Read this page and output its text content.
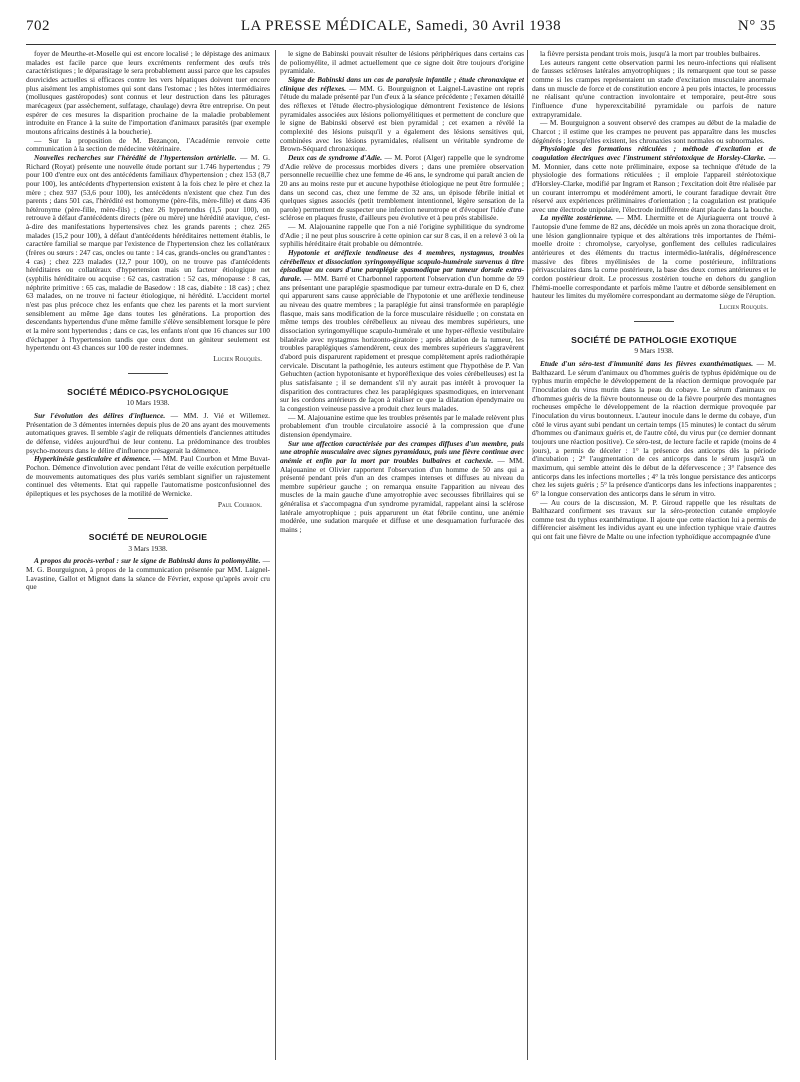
702	LA PRESSE MÉDICALE, Samedi, 30 Avril 1938	N° 35

foyer de Meurthe-et-Moselle qui est encore localisé ; le dépistage des animaux malades est facile parce que leurs excréments renferment des œufs très caractéristiques ; le déparasitage le sera probablement aussi parce que les capsules douvicides actuelles si efficaces contre les vers hépatiques doivent tuer encore plus aisément les amphistomes qui sont dans l'estomac ; les hôtes intermédiaires (mollusques gastéropodes) sont connus et leur destruction dans les pâturages marécageux (par assèchement, sulfatage, chaulage) devra être entreprise. On peut espérer de ces mesures la disparition prochaine de la maladie probablement introduite en France à la suite de l'importation d'animaux parasités (par exemple moutons africains destinés à la boucherie).

— Sur la proposition de M. Bezançon, l'Académie renvoie cette communication à la section de médecine vétérinaire.

Nouvelles recherches sur l'hérédité de l'hypertension artérielle. — M. G. Richard (Royat) présente une nouvelle étude portant sur 1.746 hypertendus ; 79 pour 100 d'entre eux ont des antécédents familiaux d'hypertension ; chez 153 (8,7 pour 100), les antécédents d'hypertension existent à la fois chez le père et chez la mère ; chez 937 (53,6 pour 100), les antécédents n'existent que chez l'un des parents ; dans 501 cas, l'hérédité est homonyme (père-fils, mère-fille) et dans 436 hétéronyme (père-fille, mère-fils) ; chez 26 hypertendus (1,5 pour 100), on retrouve à défaut d'antécédents directs (père ou mère) une hérédité atavique, c'est-à-dire des manifestations hypertensives chez les grands parents ; chez 265 malades (15,2 pour 100), à défaut d'antécédents héréditaires nettement établis, le caractère familial se marque par l'existence de l'hypertension chez les collatéraux (frères ou sœurs : 247 cas, oncles ou tante : 14 cas, grands-oncles ou grand'tantes : 4 cas) ; chez 223 malades (12,7 pour 100), on ne trouve pas d'antécédents héréditaires ou collatéraux d'hypertension mais un facteur étiologique net (syphilis héréditaire ou acquise : 62 cas, castration : 52 cas, ménopause : 8 cas, néphrite primitive : 65 cas, maladie de Basedow : 18 cas, diabète : 18 cas) ; chez 63 malades, on ne trouve ni facteur étiologique, ni hérédité. L'accident mortel n'est pas plus précoce chez les enfants que chez les parents et la mort survient sensiblement au même âge dans toutes les générations. La proportion des descendants hypertendus d'une même famille s'élève sensiblement lorsque le père et la mère sont hypertendus ; dans ce cas, les enfants n'ont que 16 chances sur 100 d'échapper à l'hypertension tandis que ceux dont un géniteur seulement est hypertendu ont 43 chances sur 100 de rester indemnes.

Lucien Rouquès.

SOCIÉTÉ MÉDICO-PSYCHOLOGIQUE

10 Mars 1938.

Sur l'évolution des délires d'influence. — MM. J. Vié et Willemez. Présentation de 3 démentes internées depuis plus de 20 ans ayant des mouvements automatiques graves. Il semble s'agir de reliquats démentiels d'anciennes attitudes de défense, vidées aujourd'hui de leur contenu. La prédominance des troubles psycho-moteurs dans le délire d'influence présagerait la démence.

Hyperkinésie gesticulaire et démence. — MM. Paul Courbon et Mme Buvat-Pochon. Démence d'involution avec pendant l'état de veille exécution perpétuelle de mouvements automatiques des plus variés semblant signifier un rajustement continuel des vêtements. Etat qui rappelle l'automatisme postconfusionnel des épileptiques et les psychoses de la motilité de Wernicke.

Paul Courbon.

SOCIÉTÉ DE NEUROLOGIE

3 Mars 1938.

A propos du procès-verbal : sur le signe de Babinski dans la poliomyélite. — M. G. Bourguignon, à propos de la communication présentée par MM. Laignel-Lavastine, Gallot et Mignot dans la séance de Février, expose qu'après avoir cru que

le signe de Babinski pouvait résulter de lésions périphériques dans certains cas de poliomyélite, il admet actuellement que ce signe doit être toujours d'origine pyramidale.

Signe de Babinski dans un cas de paralysie infantile ; étude chronaxique et clinique des réflexes. — MM. G. Bourguignon et Laignel-Lavastine ont repris l'étude du malade présenté par l'un d'eux à la séance précédente ; l'examen détaillé des réflexes et l'étude électro-physiologique démontrent l'existence de lésions pyramidales associées aux lésions poliomyélitiques et permettent de conclure que le signe de Babinski observé est bien pyramidal ; cet examen a révélé la complexité des lésions puisqu'il y a également des lésions sensitives qui, combinées avec les lésions pyramidales, réalisent un véritable syndrome de Brown-Séquard chronaxique.

Deux cas de syndrome d'Adie. — M. Porot (Alger) rappelle que le syndrome d'Adie relève de processus morbides divers ; dans une première observation personnelle recueillie chez une femme de 46 ans, le syndrome qui paraît ancien de 20 ans au moins reste pur et aucune hypothèse étiologique ne peut être formulée ; dans un second cas, chez une femme de 32 ans, un épisode fébrile initial et quelques signes associés (petit tremblement intentionnel, légère sensation de la parole) permettent de suspecter une infection neurotrope et d'évoquer l'idée d'une sclérose en plaques fruste, d'ailleurs peu évolutive et à peu près stabilisée.

— M. Alajouanine rappelle que l'on a nié l'origine syphilitique du syndrome d'Adie ; il ne peut plus souscrire à cette opinion car sur 8 cas, il en a relevé 3 où la syphilis héréditaire était probable ou démontrée.

Hypotonie et aréflexie tendineuse des 4 membres, nystagmus, troubles cérébelleux et dissociation syringomyélique scapulo-humérale survenus à titre épisodique au cours d'une paraplégie spasmodique par tumeur dorsale extra-durale. — MM. Barré et Charbonnel rapportent l'observation d'un homme de 59 ans présentant une paraplégie spasmodique par tumeur extra-durale en D 6, chez qui apparurent sans cause appréciable de l'hypotonie et une aréflexie tendineuse au niveau des quatre membres ; la paraplégie fut ainsi transformée en paraplégie flasque, mais sans modification de la force musculaire résiduelle ; on constata en même temps des troubles cérébelleux au niveau des membres supérieurs, une dissociation syringomyélique scapulo-humérale et une hyper-réflexie vestibulaire bilatérale avec nystagmus horizonto-giratoire ; après ablation de la tumeur, les troubles paraplégiques s'amendèrent, ceux des membres supérieurs s'aggravèrent d'abord puis disparurent rapidement et presque complètement après radiothérapie cervicale. Discutant la pathogénie, les auteurs estiment que l'hypothèse de P. Van Gehuchten (action hypotonisante et hyporéflexique des voies cérébelleuses) est la plus satisfaisante ; il se demandent s'il n'y aurait pas intérêt à provoquer la disparition des contractures chez les paraplégiques spasmodiques, en intervenant sur les cordons antérieurs de façon à réaliser ce que la dilatation épendymaire ou la congestion veineuse passive a produit chez leurs malades.

— M. Alajouanine estime que les troubles présentés par le malade relèvent plus probablement d'un trouble circulatoire associé à la compression que d'une distension épendymaire.

Sur une affection caractérisée par des crampes diffuses d'un membre, puis une atrophie musculaire avec signes pyramidaux, puis une fièvre continue avec anémie et enfin par la mort par troubles bulbaires et cachexie. — MM. Alajouanine et Olivier rapportent l'observation d'un homme de 50 ans qui a présenté pendant près d'un an des crampes intenses et diffuses au niveau du membre supérieur gauche ; on remarqua ensuite l'apparition au niveau des muscles de la main gauche d'une amyotrophie avec secousses fibrillaires qui se généralisa et s'accompagna d'un syndrome pyramidal, rappelant ainsi la sclérose latérale amyotrophique ; puis apparurent un état fébrile continu, une anémie modérée, une sudation marquée et diffuse et une desquamation furfuracée des mains ;

la fièvre persista pendant trois mois, jusqu'à la mort par troubles bulbaires.

Les auteurs rangent cette observation parmi les neuro-infections qui réalisent de fausses scléroses latérales amyotrophiques ; ils remarquent que tout se passe comme si les crampes représentaient un stade d'excitation musculaire anormale dans un muscle de force et de constitution encore à peu près intactes, le processus ne réalisant qu'une contraction involontaire et temporaire, peut-être sous l'influence d'une hyperexcitabilité pyramidale ou parfois de nature extrapyramidale.

— M. Bourguignon a souvent observé des crampes au début de la maladie de Charcot ; il estime que les crampes ne peuvent pas apparaître dans les muscles dégénérés ; lorsqu'elles existent, les chronaxies sont normales ou subnormales.

Physiologie des formations réticulées ; méthode d'excitation et de coagulation électriques avec l'instrument stéréotoxique de Horsley-Clarke. — M. Monnier, dans cette note préliminaire, expose sa technique d'étude de la physiologie des formations réticulées ; il emploie l'appareil stéréotoxique d'Horsley-Clarke, modifié par Ingram et Ranson ; l'excitation doit être réalisée par un courant interrompu et modérément amorti, le courant faradique devrait être réservé aux expériences préliminaires d'orientation ; la coagulation est pratiquée avec une électrode unipolaire, l'électrode indifférente étant placée dans la bouche.

La myélite zostérienne. — MM. Lhermitte et de Ajuriaguerra ont trouvé à l'autopsie d'une femme de 82 ans, décédée un mois après un zona thoracique droit, une lésion ganglionnaire typique et des altérations très importantes de l'hémi-moelle droite : chromolyse, caryolyse, gonflement des cellules radiculaires antérieures et des éléments du tractus intermédio-latéralis, dégénérescence massive des fibres myélinisées de la corne postérieure, infiltrations périvasculaires dans la corne postérieure, la base des deux cornes antérieures et le cordon postérieur droit. Le processus zostérien touche en dehors du ganglion l'hémi-moelle correspondante et parfois même l'autre et déborde sensiblement en hauteur les limites du myélomère correspondant au dermatome siège de l'éruption.

Lucien Rouquès.

SOCIÉTÉ DE PATHOLOGIE EXOTIQUE

9 Mars 1938.

Etude d'un séro-test d'immunité dans les fièvres exanthématiques. — M. Balthazard. Le sérum d'animaux ou d'hommes guéris de typhus épidémique ou de typhus murin empêche le développement de la réaction dermique provoquée par l'inoculation du virus murin dans la peau du cobaye. Le sérum d'animaux ou d'hommes guéris de la fièvre boutonneuse ou de la fièvre pourprée des montagnes rocheuses empêche le développement de la réaction dermique provoquée par l'inoculation du virus boutonneux. L'auteur inocule dans le derme du cobaye, d'un côté le virus ayant subi pendant un certain temps (15 minutes) le contact du sérum d'hommes ou d'animaux guéris et, de l'autre côté, du virus pur (ce dernier donnant toujours une réaction positive). Ce séro-test, de lecture facile et rapide (moins de 4 jours), a permis de déceler : 1° la présence des anticorps dès la période d'incubation ; 2° l'augmentation de ces anticorps dans le sérum jusqu'à un maximum, qui semble atteint dès le début de la défervescence ; 3° l'absence des anticorps dans les infections mortelles ; 4° la très longue persistance des anticorps chez les sujets guéris ; 5° la présence d'anticorps dans les infections inapparentes ; 6° la longue conservation des anticorps dans le sérum in vitro.

— Au cours de la discussion, M. P. Giroud rappelle que les résultats de Balthazard confirment ses travaux sur la séro-protection cutanée employée comme test du typhus exanthématique. Il ajoute que cette réaction lui a permis de différencier aisément les individus ayant eu une infection typhique vraie d'autres qui ont fait une fièvre de Malte ou une infection typhoïdique accompagnée d'une
